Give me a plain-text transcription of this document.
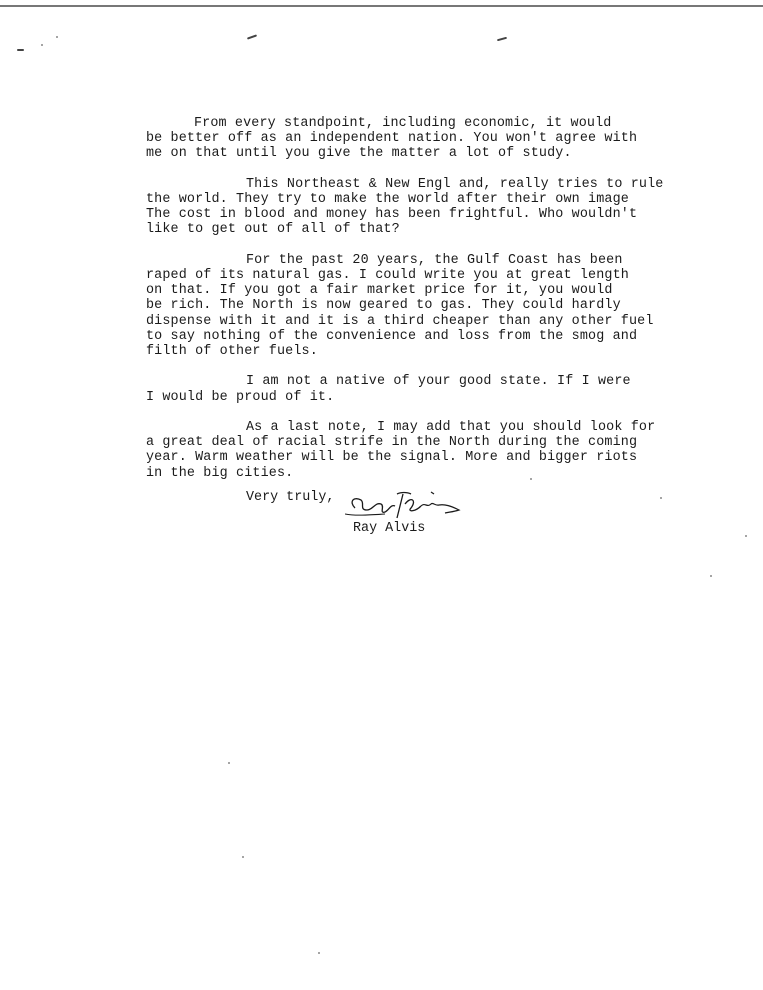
From every standpoint, including economic, it would
be better off as an independent nation. You won't agree with
me on that until you give the matter a lot of study.

This Northeast & New Engl and, really tries to rule
the world. They try to make the world after their own image
The cost in blood and money has been frightful. Who wouldn't
like to get out of all of that?

For the past 20 years, the Gulf Coast has been
raped of its natural gas. I could write you at great length
on that. If you got a fair market price for it, you would
be rich. The North is now geared to gas. They could hardly
dispense with it and it is a third cheaper than any other fuel
to say nothing of the convenience and loss from the smog and
filth of other fuels.

I am not a native of your good state. If I were
I would be proud of it.

As a last note, I may add that you should look for
a great deal of racial strife in the North during the coming
year. Warm weather will be the signal. More and bigger riots
in the big cities.

Very truly,
Ray Alvis
